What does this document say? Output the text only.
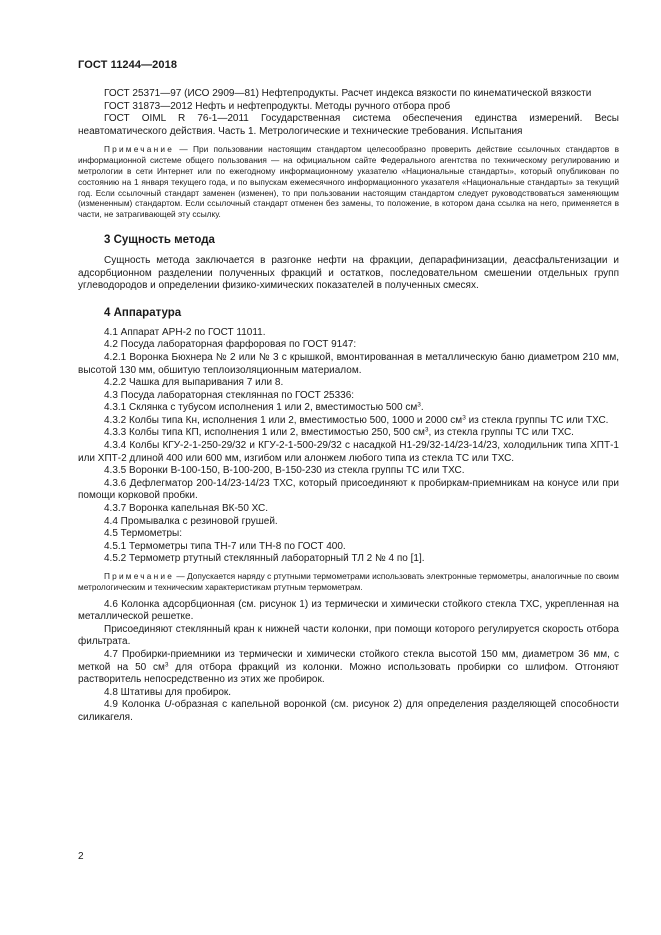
ГОСТ 11244—2018

ГОСТ 25371—97 (ИСО 2909—81) Нефтепродукты. Расчет индекса вязкости по кинематической вязкости

ГОСТ 31873—2012 Нефть и нефтепродукты. Методы ручного отбора проб

ГОСТ OIML R 76-1—2011 Государственная система обеспечения единства измерений. Весы неавтоматического действия. Часть 1. Метрологические и технические требования. Испытания

Примечание — При пользовании настоящим стандартом целесообразно проверить действие ссылочных стандартов в информационной системе общего пользования — на официальном сайте Федерального агентства по техническому регулированию и метрологии в сети Интернет или по ежегодному информационному указателю «Национальные стандарты», который опубликован по состоянию на 1 января текущего года, и по выпускам ежемесячного информационного указателя «Национальные стандарты» за текущий год. Если ссылочный стандарт заменен (изменен), то при пользовании настоящим стандартом следует руководствоваться заменяющим (измененным) стандартом. Если ссылочный стандарт отменен без замены, то положение, в котором дана ссылка на него, применяется в части, не затрагивающей эту ссылку.

3 Сущность метода

Сущность метода заключается в разгонке нефти на фракции, депарафинизации, деасфальтенизации и адсорбционном разделении полученных фракций и остатков, последовательном смешении отдельных групп углеводородов и определении физико-химических показателей в полученных смесях.

4 Аппаратура

4.1 Аппарат АРН-2 по ГОСТ 11011.

4.2 Посуда лабораторная фарфоровая по ГОСТ 9147:

4.2.1 Воронка Бюхнера № 2 или № 3 с крышкой, вмонтированная в металлическую баню диаметром 210 мм, высотой 130 мм, обшитую теплоизоляционным материалом.

4.2.2 Чашка для выпаривания 7 или 8.

4.3 Посуда лабораторная стеклянная по ГОСТ 25336:

4.3.1 Склянка с тубусом исполнения 1 или 2, вместимостью 500 $см^3$.

4.3.2 Колбы типа Кн, исполнения 1 или 2, вместимостью 500, 1000 и 2000 $см^3$ из стекла группы ТС или ТХС.

4.3.3 Колбы типа КП, исполнения 1 или 2, вместимостью 250, 500 $см^3$, из стекла группы ТС или ТХС.

4.3.4 Колбы КГУ-2-1-250-29/32 и КГУ-2-1-500-29/32 с насадкой Н1-29/32-14/23-14/23, холодильник типа ХПТ-1 или ХПТ-2 длиной 400 или 600 мм, изгибом или алонжем любого типа из стекла ТС или ТХС.

4.3.5 Воронки В-100-150, В-100-200, В-150-230 из стекла группы ТС или ТХС.

4.3.6 Дефлегматор 200-14/23-14/23 ТХС, который присоединяют к пробиркам-приемникам на конусе или при помощи корковой пробки.

4.3.7 Воронка капельная ВК-50 ХС.

4.4 Промывалка с резиновой грушей.

4.5 Термометры:

4.5.1 Термометры типа ТН-7 или ТН-8 по ГОСТ 400.

4.5.2 Термометр ртутный стеклянный лабораторный ТЛ 2 № 4 по [1].

Примечание — Допускается наряду с ртутными термометрами использовать электронные термометры, аналогичные по своим метрологическим и техническим характеристикам ртутным термометрам.

4.6 Колонка адсорбционная (см. рисунок 1) из термически и химически стойкого стекла ТХС, укрепленная на металлической решетке.

Присоединяют стеклянный кран к нижней части колонки, при помощи которого регулируется скорость отбора фильтрата.

4.7 Пробирки-приемники из термически и химически стойкого стекла высотой 150 мм, диаметром 36 мм, с меткой на 50 $см^3$ для отбора фракций из колонки. Можно использовать пробирки со шлифом. Отгоняют растворитель непосредственно из этих же пробирок.

4.8 Штативы для пробирок.

4.9 Колонка U-образная с капельной воронкой (см. рисунок 2) для определения разделяющей способности силикагеля.

2
